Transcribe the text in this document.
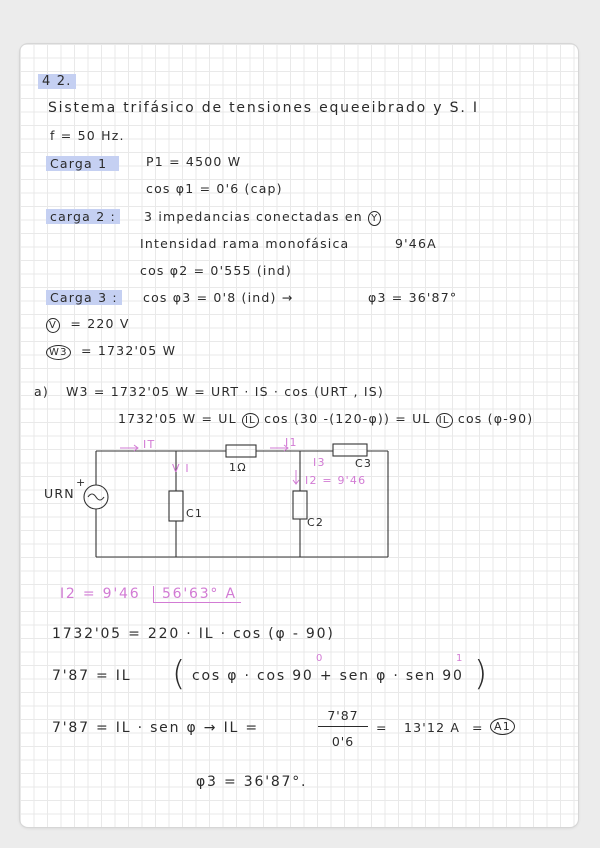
4 2.
Sistema trifásico de tensiones equeeibrado y S. I
f = 50 Hz.
Carga 1	P1 = 4500 W
cos φ1 = 0'6 (cap)
carga 2 :	3 impedancias conectadas en Y
Intensidad rama monofásica	9'46A
cos φ2 = 0'555 (ind)
Carga 3 :	cos φ3 = 0'8 (ind) →	φ3 = 36'87°
V = 220 V
W3 = 1732'05 W
a) W3 = 1732'05 W = URT · IS · cos (URT , IS)
1732'05 W = UL IL cos (30 -(120-φ)) = UL IL cos (φ-90)
URN
+
1Ω
C1
C2
C3
IT
V I
I1
I3
I2 = 9'46
I2 = 9'46 56'63° A
1732'05 = 220 · IL · cos (φ - 90)
7'87 = IL ( cos φ · cos 90 + sen φ · sen 90 )
0	1
7'87 = IL · sen φ → IL =
7'87
0'6
= 13'12 A = A1
φ3 = 36'87°.
